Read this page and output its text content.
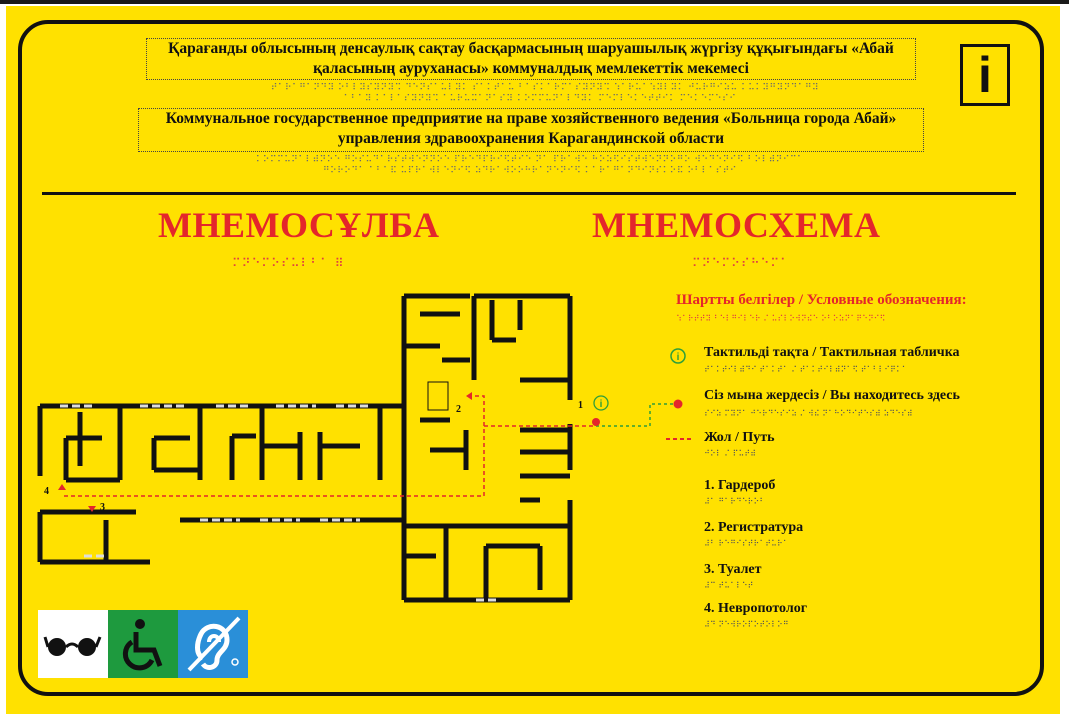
Қарағанды облысының денсаулық сақтау басқармасының шаруашылық жүргізу құқығындағы «Абай қаласының ауруханасы» коммуналдық мемлекеттік мекемесі
⠞⠁⠗⠁⠛⠁⠝⠙⠽ ⠕⠃⠇⠽⠎⠽⠝⠽⠩ ⠙⠑⠝⠎⠁⠥⠇⠽⠅ ⠎⠁⠅⠞⠁⠥ ⠃⠁⠎⠅⠁⠗⠍⠁⠎⠽⠝⠽⠩ ⠱⠁⠗⠥⠁⠱⠽⠇⠽⠅ ⠚⠥⠗⠛⠊⠵⠥ ⠅⠥⠅⠽⠛⠽⠝⠙⠁⠛⠽
⠁⠃⠁⠽ ⠅⠁⠇⠁⠎⠽⠝⠽⠩ ⠁⠥⠗⠥⠭⠁⠝⠁⠎⠽ ⠅⠕⠍⠍⠥⠝⠁⠇⠙⠽⠅ ⠍⠑⠍⠇⠑⠅⠑⠞⠞⠊⠅ ⠍⠑⠅⠑⠍⠑⠎⠊
Коммунальное государственное предприятие на праве хозяйственного ведения «Больница города Абай» управления здравоохранения Карагандинской области
⠅⠕⠍⠍⠥⠝⠁⠇⠾⠝⠕⠑ ⠛⠕⠎⠥⠙⠁⠗⠎⠞⠺⠑⠝⠝⠕⠑ ⠏⠗⠑⠙⠏⠗⠊⠫⠞⠊⠑ ⠝⠁ ⠏⠗⠁⠺⠑ ⠓⠕⠵⠫⠊⠎⠞⠺⠑⠝⠝⠕⠛⠕ ⠺⠑⠙⠑⠝⠊⠫ ⠃⠕⠇⠾⠝⠊⠉⠁
⠛⠕⠗⠕⠙⠁ ⠁⠃⠁⠯ ⠥⠏⠗⠁⠺⠇⠑⠝⠊⠫ ⠵⠙⠗⠁⠺⠕⠕⠓⠗⠁⠝⠑⠝⠊⠫ ⠅⠁⠗⠁⠛⠁⠝⠙⠊⠝⠎⠅⠕⠯ ⠕⠃⠇⠁⠎⠞⠊
i
МНЕМОСҰЛБА
⠍⠝⠑⠍⠕⠎⠥⠇⠃⠁ ⠿
МНЕМОСХЕМА
⠍⠝⠑⠍⠕⠎⠓⠑⠍⠁
Шартты белгілер / Условные обозначения:
⠱⠁⠗⠞⠞⠽ ⠃⠑⠇⠛⠊⠇⠑⠗ ⠌ ⠥⠎⠇⠕⠺⠝⠮⠑ ⠕⠃⠕⠵⠝⠁⠟⠑⠝⠊⠫
i Тактильді тақта / Тактильная табличка
⠞⠁⠅⠞⠊⠇⠾⠙⠊ ⠞⠁⠅⠞⠁ ⠌ ⠞⠁⠅⠞⠊⠇⠾⠝⠁⠫ ⠞⠁⠃⠇⠊⠟⠅⠁
Сіз мына жердесіз / Вы находитесь здесь
⠎⠊⠵ ⠍⠽⠝⠁ ⠚⠑⠗⠙⠑⠎⠊⠵ ⠌ ⠺⠮ ⠝⠁⠓⠕⠙⠊⠞⠑⠎⠾ ⠵⠙⠑⠎⠾
Жол / Путь
⠚⠕⠇ ⠌ ⠏⠥⠞⠾
1. Гардероб
⠼⠁ ⠛⠁⠗⠙⠑⠗⠕⠃
2. Регистратура
⠼⠃ ⠗⠑⠛⠊⠎⠞⠗⠁⠞⠥⠗⠁
3. Туалет
⠼⠉ ⠞⠥⠁⠇⠑⠞
4. Невропотолог
⠼⠙ ⠝⠑⠺⠗⠕⠏⠕⠞⠕⠇⠕⠛
i
1
2
3
4
